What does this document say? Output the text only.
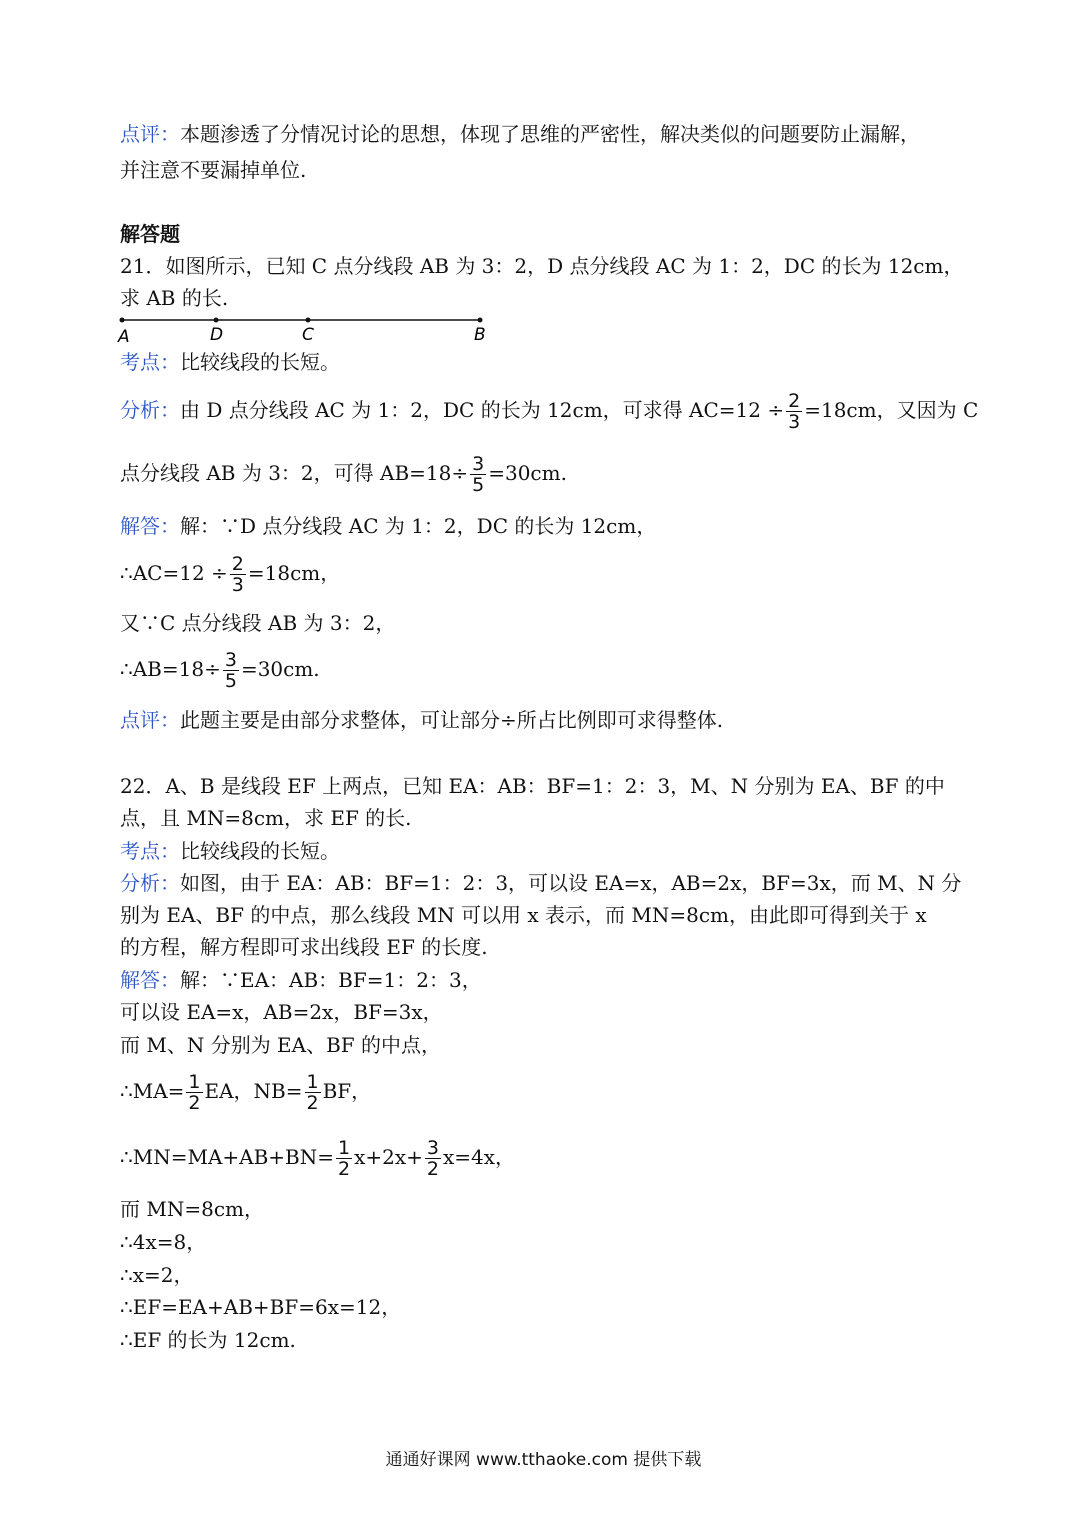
点评：本题渗透了分情况讨论的思想，体现了思维的严密性，解决类似的问题要防止漏解，
并注意不要漏掉单位.
解答题
21．如图所示，已知 C 点分线段 AB 为 3：2，D 点分线段 AC 为 1：2，DC 的长为 12cm，
求 AB 的长.
A	D	C	B
考点：比较线段的长短。
分析：由 D 点分线段 AC 为 1：2，DC 的长为 12cm，可求得 $AC=12 \div \frac{2}{3} =18cm$，又因为 C
点分线段 AB 为 3：2，可得 $AB=18\div \frac{3}{5} =30cm$.
解答：解：∵D 点分线段 AC 为 1：2，DC 的长为 12cm，
∴AC=12 ÷ $\frac{2}{3} =18cm$，
又∵C 点分线段 AB 为 3：2，
∴AB=18÷ $\frac{3}{5} =30cm$.
点评：此题主要是由部分求整体，可让部分÷所占比例即可求得整体.
22．A、B 是线段 EF 上两点，已知 EA：AB：BF=1：2：3，M、N 分别为 EA、BF 的中
点，且 MN=8cm，求 EF 的长.
考点：比较线段的长短。
分析：如图，由于 EA：AB：BF=1：2：3，可以设 EA=x，AB=2x，BF=3x，而 M、N 分
别为 EA、BF 的中点，那么线段 MN 可以用 x 表示，而 MN=8cm，由此即可得到关于 x
的方程，解方程即可求出线段 EF 的长度.
解答：解：∵EA：AB：BF=1：2：3，
可以设 EA=x，AB=2x，BF=3x，
而 M、N 分别为 EA、BF 的中点，
∴MA= $\frac{1}{2}$ EA，$NB= \frac{1}{2}$ BF，
∴MN=MA+AB+BN= $\frac{1}{2} x+2x+ \frac{3}{2} x=4x$，
而 MN=8cm，
∴4x=8，
∴x=2，
∴EF=EA+AB+BF=6x=12，
∴EF 的长为 12cm.
通通好课网 www.tthaoke.com 提供下载
